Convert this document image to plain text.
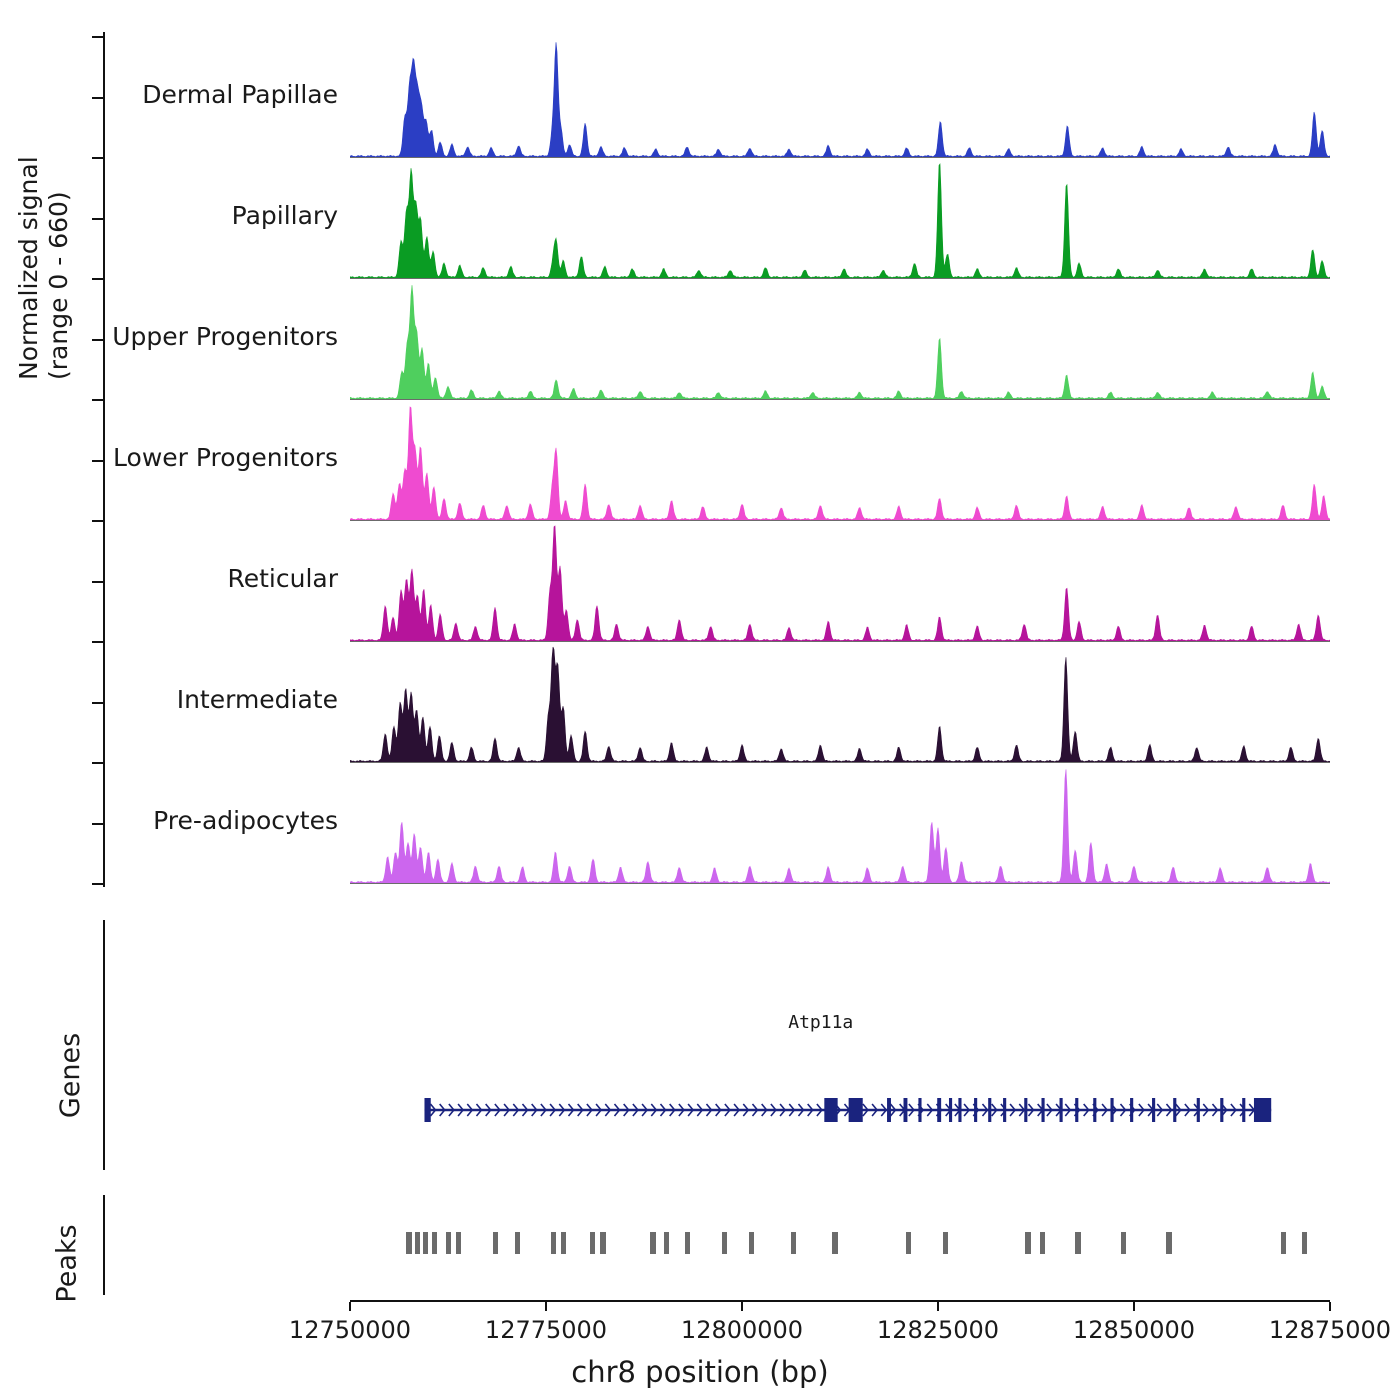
Normalized signal (range 0 - 660)
Genes
Peaks
Dermal Papillae
Papillary
Upper Progenitors
Lower Progenitors
Reticular
Intermediate
Pre-adipocytes
Atp11a
12750000	12775000	12800000	12825000	12850000	12875000
chr8 position (bp)
